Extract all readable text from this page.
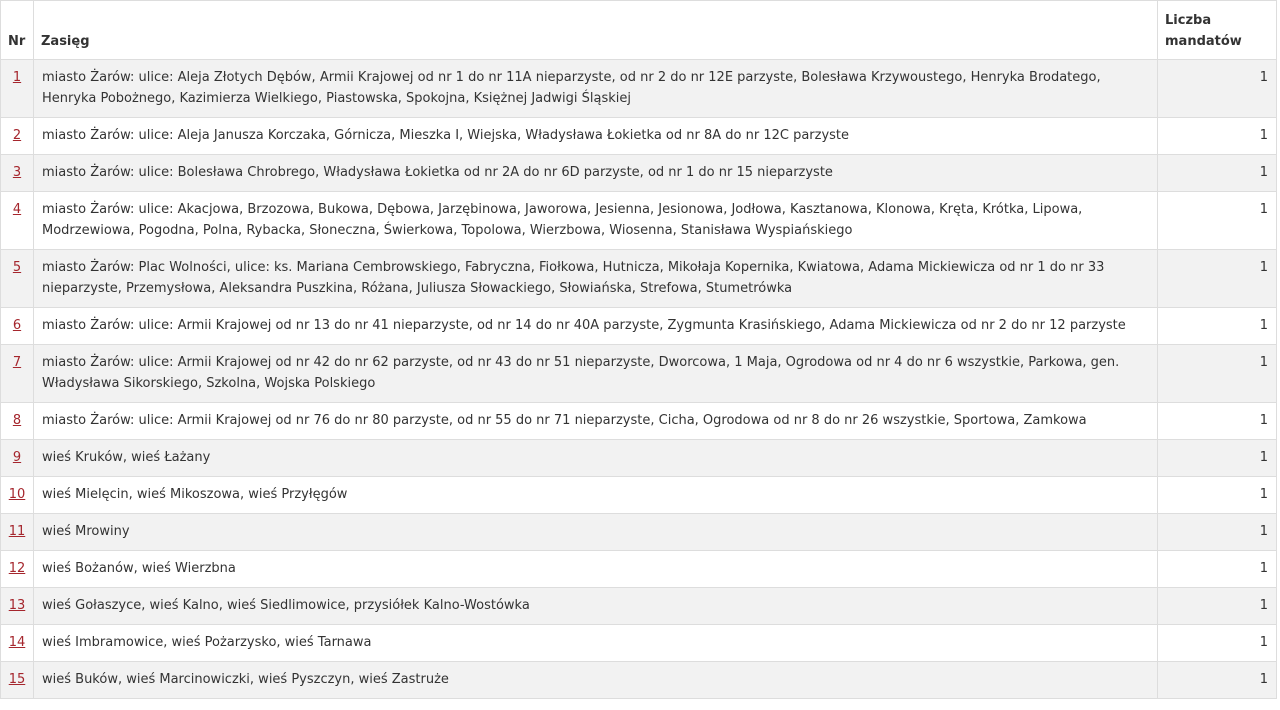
Nr	Zasięg	Liczba mandatów
1	miasto Żarów: ulice: Aleja Złotych Dębów, Armii Krajowej od nr 1 do nr 11A nieparzyste, od nr 2 do nr 12E parzyste, Bolesława Krzywoustego, Henryka Brodatego, Henryka Pobożnego, Kazimierza Wielkiego, Piastowska, Spokojna, Księżnej Jadwigi Śląskiej	1
2	miasto Żarów: ulice: Aleja Janusza Korczaka, Górnicza, Mieszka I, Wiejska, Władysława Łokietka od nr 8A do nr 12C parzyste	1
3	miasto Żarów: ulice: Bolesława Chrobrego, Władysława Łokietka od nr 2A do nr 6D parzyste, od nr 1 do nr 15 nieparzyste	1
4	miasto Żarów: ulice: Akacjowa, Brzozowa, Bukowa, Dębowa, Jarzębinowa, Jaworowa, Jesienna, Jesionowa, Jodłowa, Kasztanowa, Klonowa, Kręta, Krótka, Lipowa, Modrzewiowa, Pogodna, Polna, Rybacka, Słoneczna, Świerkowa, Topolowa, Wierzbowa, Wiosenna, Stanisława Wyspiańskiego	1
5	miasto Żarów: Plac Wolności, ulice: ks. Mariana Cembrowskiego, Fabryczna, Fiołkowa, Hutnicza, Mikołaja Kopernika, Kwiatowa, Adama Mickiewicza od nr 1 do nr 33 nieparzyste, Przemysłowa, Aleksandra Puszkina, Różana, Juliusza Słowackiego, Słowiańska, Strefowa, Stumetrówka	1
6	miasto Żarów: ulice: Armii Krajowej od nr 13 do nr 41 nieparzyste, od nr 14 do nr 40A parzyste, Zygmunta Krasińskiego, Adama Mickiewicza od nr 2 do nr 12 parzyste	1
7	miasto Żarów: ulice: Armii Krajowej od nr 42 do nr 62 parzyste, od nr 43 do nr 51 nieparzyste, Dworcowa, 1 Maja, Ogrodowa od nr 4 do nr 6 wszystkie, Parkowa, gen. Władysława Sikorskiego, Szkolna, Wojska Polskiego	1
8	miasto Żarów: ulice: Armii Krajowej od nr 76 do nr 80 parzyste, od nr 55 do nr 71 nieparzyste, Cicha, Ogrodowa od nr 8 do nr 26 wszystkie, Sportowa, Zamkowa	1
9	wieś Kruków, wieś Łażany	1
10	wieś Mielęcin, wieś Mikoszowa, wieś Przyłęgów	1
11	wieś Mrowiny	1
12	wieś Bożanów, wieś Wierzbna	1
13	wieś Gołaszyce, wieś Kalno, wieś Siedlimowice, przysiółek Kalno-Wostówka	1
14	wieś Imbramowice, wieś Pożarzysko, wieś Tarnawa	1
15	wieś Buków, wieś Marcinowiczki, wieś Pyszczyn, wieś Zastruże	1
